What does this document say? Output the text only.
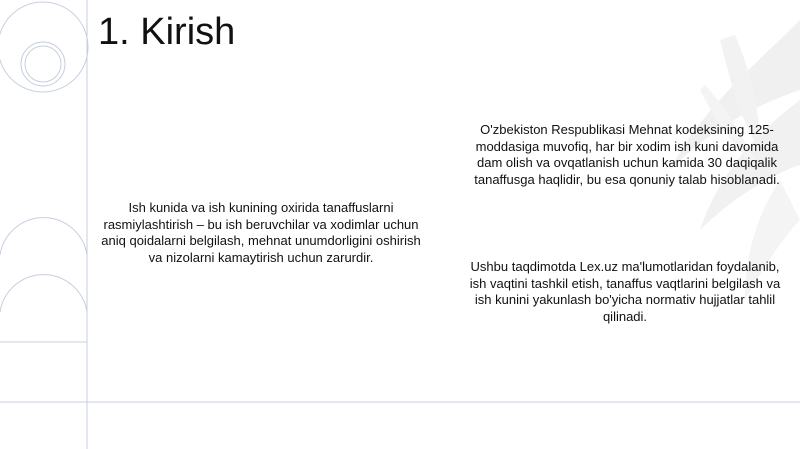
1. Kirish

Ish kunida va ish kunining oxirida tanaffuslarni rasmiylashtirish – bu ish beruvchilar va xodimlar uchun aniq qoidalarni belgilash, mehnat unumdorligini oshirish va nizolarni kamaytirish uchun zarurdir.

O'zbekiston Respublikasi Mehnat kodeksining 125-moddasiga muvofiq, har bir xodim ish kuni davomida dam olish va ovqatlanish uchun kamida 30 daqiqalik tanaffusga haqlidir, bu esa qonuniy talab hisoblanadi.

Ushbu taqdimotda Lex.uz ma'lumotlaridan foydalanib, ish vaqtini tashkil etish, tanaffus vaqtlarini belgilash va ish kunini yakunlash bo'yicha normativ hujjatlar tahlil qilinadi.
